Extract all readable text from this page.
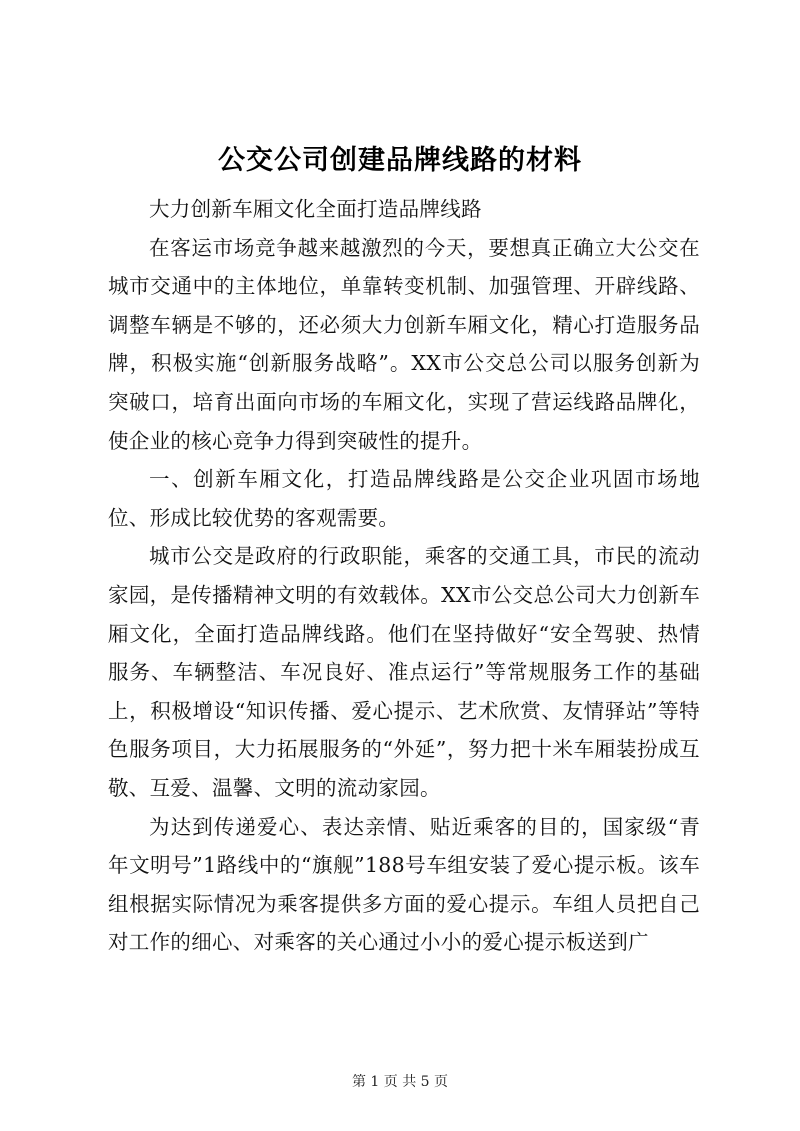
公交公司创建品牌线路的材料

大力创新车厢文化全面打造品牌线路

在客运市场竞争越来越激烈的今天，要想真正确立大公交在城市交通中的主体地位，单靠转变机制、加强管理、开辟线路、调整车辆是不够的，还必须大力创新车厢文化，精心打造服务品牌，积极实施“创新服务战略”。XX市公交总公司以服务创新为突破口，培育出面向市场的车厢文化，实现了营运线路品牌化，使企业的核心竞争力得到突破性的提升。

一、创新车厢文化，打造品牌线路是公交企业巩固市场地位、形成比较优势的客观需要。

城市公交是政府的行政职能，乘客的交通工具，市民的流动家园，是传播精神文明的有效载体。XX市公交总公司大力创新车厢文化，全面打造品牌线路。他们在坚持做好“安全驾驶、热情服务、车辆整洁、车况良好、准点运行”等常规服务工作的基础上，积极增设“知识传播、爱心提示、艺术欣赏、友情驿站”等特色服务项目，大力拓展服务的“外延”，努力把十米车厢装扮成互敬、互爱、温馨、文明的流动家园。

为达到传递爱心、表达亲情、贴近乘客的目的，国家级“青年文明号”1路线中的“旗舰”188号车组安装了爱心提示板。该车组根据实际情况为乘客提供多方面的爱心提示。车组人员把自己对工作的细心、对乘客的关心通过小小的爱心提示板送到广

第 1 页 共 5 页
